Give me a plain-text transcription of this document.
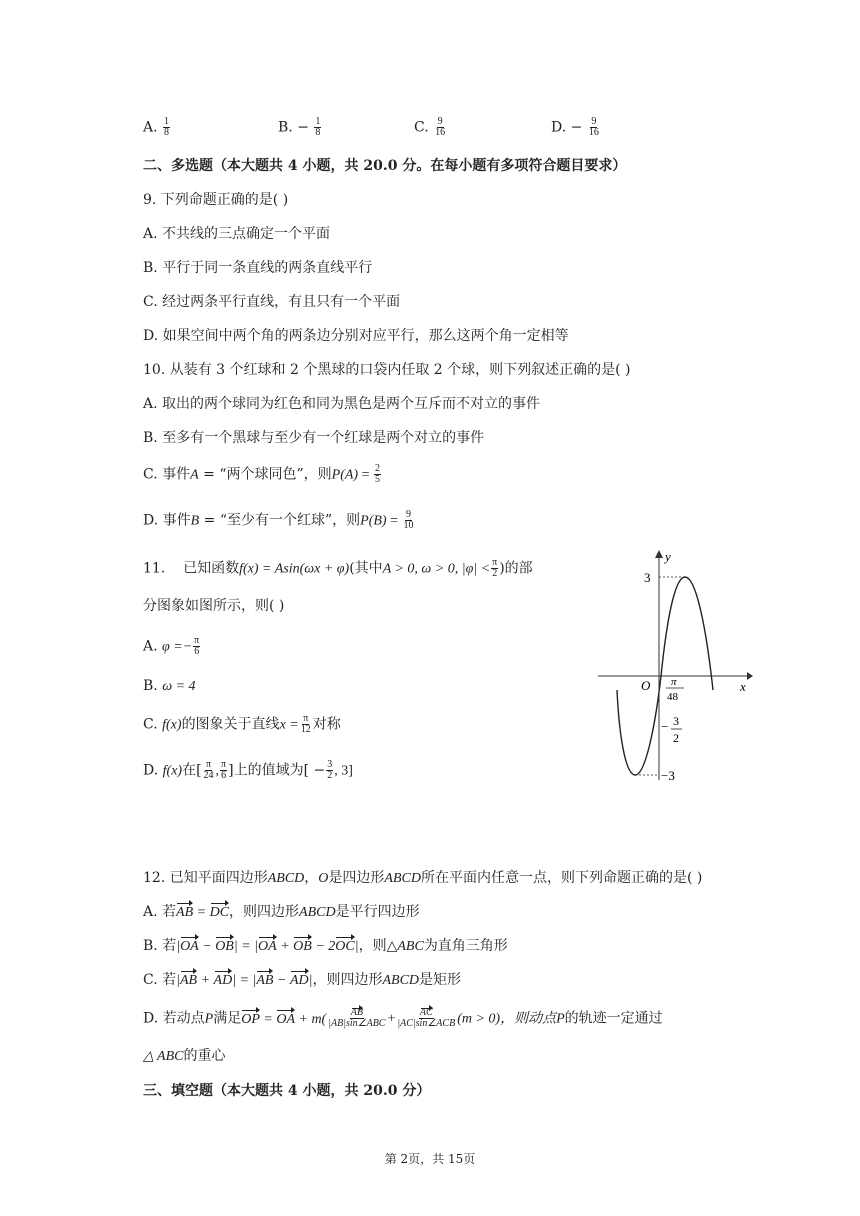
A. $\frac{1}{8}$	B. − $\frac{1}{8}$	C. $\frac{9}{16}$	D. − $\frac{9}{16}$
二、多选题（本大题共 4 小题，共 20.0 分。在每小题有多项符合题目要求）
9. 下列命题正确的是( )
A. 不共线的三点确定一个平面
B. 平行于同一条直线的两条直线平行
C. 经过两条平行直线，有且只有一个平面
D. 如果空间中两个角的两条边分别对应平行，那么这两个角一定相等
10. 从装有 3 个红球和 2 个黑球的口袋内任取 2 个球，则下列叙述正确的是( )
A. 取出的两个球同为红色和同为黑色是两个互斥而不对立的事件
B. 至多有一个黑球与至少有一个红球是两个对立的事件
C. 事件A = “两个球同色”，则$P(A) = \frac{2}{5}$
D. 事件B = “至少有一个红球”，则$P(B) = \frac{9}{10}$
11. 已知函数f(x) = Asin(ωx + φ)(其中A > 0, ω > 0, $|\varphi| < \frac{\pi}{2}$ )的部
分图象如图所示，则( )
A. $\varphi =- \frac{\pi}{6}$
B. ω = 4
C. f(x)的图象关于直线$x = \frac{\pi}{12}$ 对称
D. f(x)在[ $\frac{\pi}{24}$ , $\frac{\pi}{6}$ ]上的值域为[ − $\frac{3}{2}$ , 3]
y
x
O
3
−3
π
48
− 3
2
12. 已知平面四边形ABCD，O是四边形ABCD所在平面内任意一点，则下列命题正确的是( )
A. 若AB = DC，则四边形ABCD是平行四边形
B. 若|OA − OB| = |OA + OB − 2OC|，则△ABC为直角三角形
C. 若|AB + AD| = |AB − AD|，则四边形ABCD是矩形
D. 若动点P满足OP = OA + $m( \frac{AB}{\text{|AB|sin∠ABC}} + \frac{AC}{\text{|AC|sin∠ACB}} (m > 0)$，则动点P的轨迹一定通过
△ ABC的重心
三、填空题（本大题共 4 小题，共 20.0 分）
第 2页，共 15页
